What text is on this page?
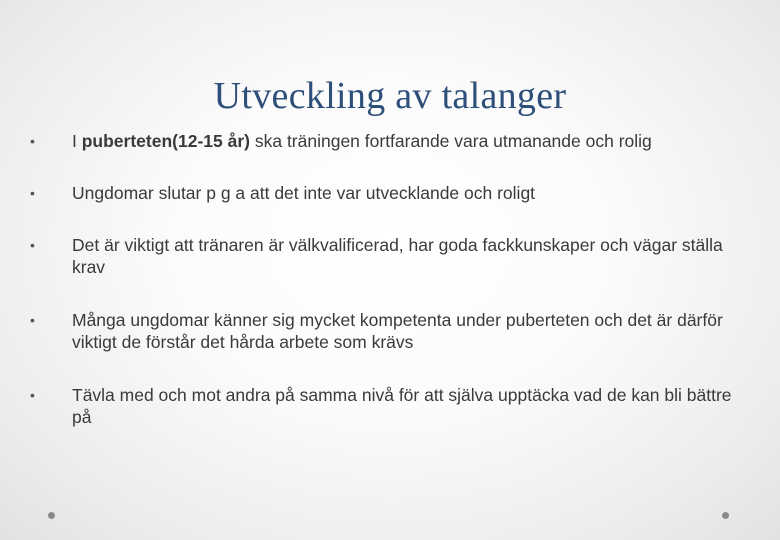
Utveckling av talanger
•	I puberteten(12-15 år) ska träningen fortfarande vara utmanande och rolig
•	Ungdomar slutar p g a att det inte var utvecklande och roligt
•	Det är viktigt att tränaren är välkvalificerad, har goda fackkunskaper och vägar ställa krav
•	Många ungdomar känner sig mycket kompetenta under puberteten och det är därför viktigt de förstår det hårda arbete som krävs
•	Tävla med och mot andra på samma nivå för att själva upptäcka vad de kan bli bättre på
